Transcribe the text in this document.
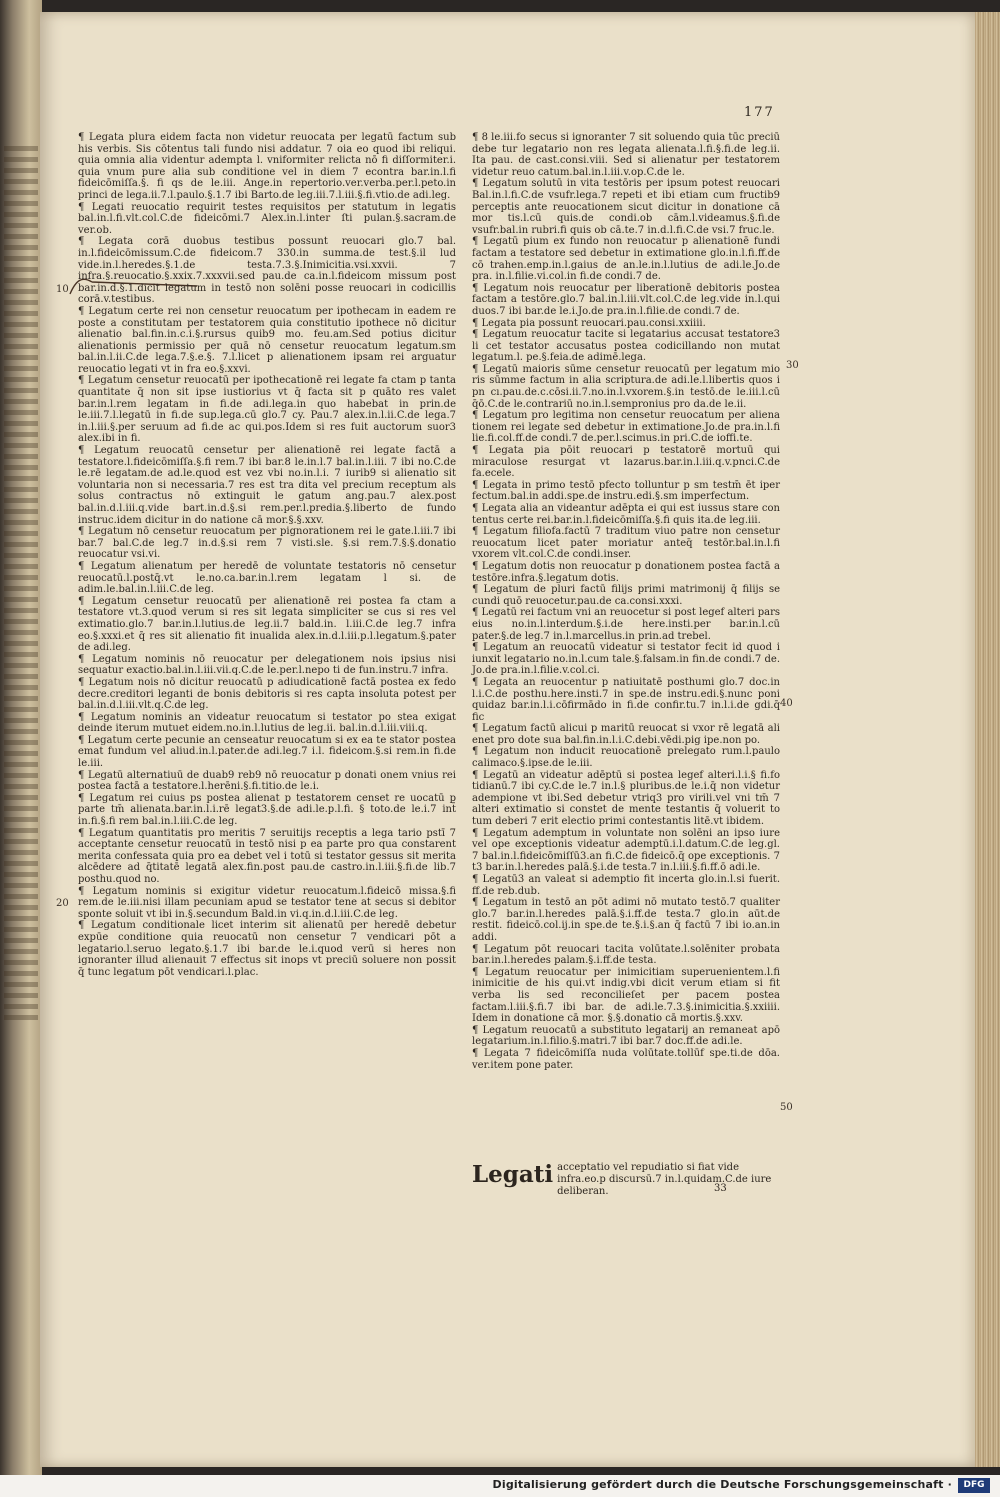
177
10
20
30
40
50

¶ Legata plura eidem facta non videtur reuocata per legatū factum sub his verbis. Sis cōtentus tali fundo nisi addatur. 7 oia eo quod ibi reliqui. quia omnia alia videntur adempta l. vniformiter relicta nō fi diſſormiter.i. quia vnum pure alia sub conditione vel in diem 7 econtra bar.in.l.fi fideicōmiſſa.§. fi qs de le.iii. Ange.in repertorio.ver.verba.per.l.peto.in princi de lega.ii.7.l.paulo.§.1.7 ibi Barto.de leg.iii.7.l.iii.§.fi.vtio.de adi.leg.

¶ Legati reuocatio requirit testes requisitos per statutum in legatis bal.in.l.fi.vlt.col.C.de fideicōmi.7 Alex.in.l.inter ſti pulan.§.sacram.de ver.ob.

¶ Legata corā duobus testibus possunt reuocari glo.7 bal. in.l.fideicōmissum.C.de fideicom.7 330.in summa.de test.§.il lud vide.in.l.heredes.§.1.de testa.7.3.§.Inimicitia.vsi.xxvii. 7 infra.§.reuocatio.§.xxix.7.xxxvii.sed pau.de ca.in.l.fideicom missum post bar.in.d.§.1.dicit legatum in testō non solēni posse reuocari in codicillis corā.v.testibus.

¶ Legatum certe rei non censetur reuocatum per ipothecam in eadem re poste a constitutam per testatorem quia constitutio ipothece nō dicitur alienatio bal.fin.in.c.i.§.rursus quib9 mo. feu.am.Sed potius dicitur alienationis permissio per quā nō censetur reuocatum legatum.sm bal.in.l.ii.C.de lega.7.§.e.§. 7.l.licet p alienationem ipsam rei arguatur reuocatio legati vt in fra eo.§.xxvi.

¶ Legatum censetur reuocatū per ipothecationē rei legate fa ctam p tanta quantitate q̄ non sit ipse iustiorius vt q̄ facta sit p quāto res valet bar.in.l.rem legatam in fi.de adi.lega.in quo habebat in prin.de le.iii.7.l.legatū in fi.de sup.lega.cū glo.7 cy. Pau.7 alex.in.l.ii.C.de lega.7 in.l.iii.§.per seruum ad fi.de ac qui.pos.Idem si res fuit auctorum suor3 alex.ibi in fi.

¶ Legatum reuocatū censetur per alienationē rei legate factā a testatore.l.fideicōmiſſa.§.fi rem.7 ibi bar.8 le.in.l.7 bal.in.l.iii. 7 ibi no.C.de le.rē legatam.de ad.le.quod est vez vbi no.in.l.i. 7 iurib9 si alienatio sit voluntaria non si necessaria.7 res est tra dita vel precium receptum als solus contractus nō extinguit le gatum ang.pau.7 alex.post bal.in.d.l.iii.q.vide bart.in.d.§.si rem.per.l.predia.§.liberto de fundo instruc.idem dicitur in do natione cā mor.§.§.xxv.

¶ Legatum nō censetur reuocatum per pignorationem rei le gate.l.iii.7 ibi bar.7 bal.C.de leg.7 in.d.§.si rem 7 visti.sle. §.si rem.7.§.§.donatio reuocatur vsi.vi.

¶ Legatum alienatum per heredē de voluntate testatoris nō censetur reuocatū.l.postq̄.vt le.no.ca.bar.in.l.rem legatam l si. de adim.le.bal.in.l.iii.C.de leg.

¶ Legatum censetur reuocatū per alienationē rei postea fa ctam a testatore vt.3.quod verum si res sit legata simpliciter se cus si res vel extimatio.glo.7 bar.in.l.lutius.de leg.ii.7 bald.in. l.iii.C.de leg.7 infra eo.§.xxxi.et q̄ res sit alienatio fit inualida alex.in.d.l.iii.p.l.legatum.§.pater de adi.leg.

¶ Legatum nominis nō reuocatur per delegationem nois ipsius nisi sequatur exactio.bal.in.l.iii.vii.q.C.de le.per.l.nepo ti de fun.instru.7 infra.

¶ Legatum nois nō dicitur reuocatū p adiudicationē factā postea ex fedo decre.creditori leganti de bonis debitoris si res capta insoluta potest per bal.in.d.l.iii.vlt.q.C.de leg.

¶ Legatum nominis an videatur reuocatum si testator po stea exigat deinde iterum mutuet eidem.no.in.l.lutius de leg.ii. bal.in.d.l.iii.viii.q.

¶ Legatum certe pecunie an censeatur reuocatum si ex ea te stator postea emat fundum vel aliud.in.l.pater.de adi.leg.7 i.l. fideicom.§.si rem.in fi.de le.iii.

¶ Legatū alternatiuū de duab9 reb9 nō reuocatur p donati onem vnius rei postea factā a testatore.l.herēni.§.fi.titio.de le.i.

¶ Legatum rei cuius ps postea alienat p testatorem censet re uocatū p parte tm̄ alienata.bar.in.l.i.rē legat3.§.de adi.le.p.l.fi. § toto.de le.i.7 int̄ in.fi.§.fi rem bal.in.l.iii.C.de leg.

¶ Legatum quantitatis pro meritis 7 seruitijs receptis a lega tario pstī 7 acceptante censetur reuocatū in testō nisi p ea parte pro qua constarent merita confessata quia pro ea debet vel i totū si testator gessus sit merita alcēdere ad q̄titatē legatā alex.fin.post pau.de castro.in.l.iii.§.fi.de lib.7 posthu.quod no.

¶ Legatum nominis si exigitur videtur reuocatum.l.fideicō missa.§.fi rem.de le.iii.nisi illam pecuniam apud se testator tene at secus si debitor sponte soluit vt ibi in.§.secundum Bald.in vi.q.in.d.l.iii.C.de leg.

¶ Legatum conditionale licet interim sit alienatū per heredē debetur expūe conditione quia reuocatū non censetur 7 vendicari pōt a legatario.l.seruo legato.§.1.7 ibi bar.de le.i.quod verū si heres non ignoranter illud alienauit 7 effectus sit inops vt preciū soluere non possit q̄ tunc legatum pōt vendicari.l.plac.

¶ 8 le.iii.fo secus si ignoranter 7 sit soluendo quia tūc preciū debe tur legatario non res legata alienata.l.fi.§.fi.de leg.ii. Ita pau. de cast.consi.viii. Sed si alienatur per testatorem videtur reuo catum.bal.in.l.iii.v.op.C.de le.

¶ Legatum solutū in vita testōris per ipsum potest reuocari Bal.in.l.fi.C.de vsufr.lega.7 repeti et ibi etiam cum fructib9 perceptis ante reuocationem sicut dicitur in donatione cā mor tis.l.cū quis.de condi.ob cām.l.videamus.§.fi.de vsufr.bal.in rubri.fi quis ob cā.te.7 in.d.l.fi.C.de vsi.7 fruc.le.

¶ Legatū pium ex fundo non reuocatur p alienationē fundi factam a testatore sed debetur in extimatione glo.in.l.fi.ff.de cō trahen.emp.in.l.gaius de an.le.in.l.lutius de adi.le.Jo.de pra. in.l.filie.vi.col.in fi.de condi.7 de.

¶ Legatum nois reuocatur per liberationē debitoris postea factam a testōre.glo.7 bal.in.l.iii.vlt.col.C.de leg.vide in.l.qui duos.7 ibi bar.de le.i.Jo.de pra.in.l.filie.de condi.7 de.

¶ Legata pia possunt reuocari.pau.consi.xxiiii.

¶ Legatum reuocatur tacite si legatarius accusat testatore3 li cet testator accusatus postea codicillando non mutat legatum.l. pe.§.feia.de adimē.lega.

¶ Legatū maioris sūme censetur reuocatū per legatum mio ris sūmme factum in alia scriptura.de adi.le.l.libertis quos i pn cı.pau.de.c.cōsi.ii.7.no.in.l.vxorem.§.in testō.de le.iii.l.cū q̄ō.C.de le.contrariū no.in.l.sempronius pro da.de le.ii.

¶ Legatum pro legitima non censetur reuocatum per aliena tionem rei legate sed debetur in extimatione.Jo.de pra.in.l.fi lie.fi.col.ff.de condi.7 de.per.l.scimus.in pri.C.de ioffi.te.

¶ Legata pia pōit reuocari p testatorē mortuū qui miraculose resurgat vt lazarus.bar.in.l.iii.q.v.pnci.C.de fa.ecele.

¶ Legata in primo testō pfecto tolluntur p sm testm̄ ēt iper fectum.bal.in addi.spe.de instru.edi.§.sm imperfectum.

¶ Legata alia an videantur adēpta ei qui est iussus stare con tentus certe rei.bar.in.l.fideicōmiſſa.§.fi quis ita.de leg.iii.

¶ Legatum filiofa.factū 7 traditum viuo patre non censetur reuocatum licet pater moriatur anteq̄ testōr.bal.in.l.fi vxorem vlt.col.C.de condi.inser.

¶ Legatum dotis non reuocatur p donationem postea factā a testōre.infra.§.legatum dotis.

¶ Legatum de pluri factū filijs primi matrimonij q̄ filijs se cundi quō reuocetur.pau.de ca.consi.xxxi.

¶ Legatū rei factum vni an reuocetur si post legef alteri pars eius no.in.l.interdum.§.i.de here.insti.per bar.in.l.cū pater.§.de leg.7 in.l.marcellus.in prin.ad trebel.

¶ Legatum an reuocatū videatur si testator fecit id quod i iunxit legatario no.in.l.cum tale.§.falsam.in fin.de condi.7 de. Jo.de pra.in.l.filie.v.col.ci.

¶ Legata an reuocentur p natiuitatē posthumi glo.7 doc.in l.i.C.de posthu.here.insti.7 in spe.de instru.edi.§.nunc poni quidaz bar.in.l.i.cōfirmādo in fi.de confir.tu.7 in.l.i.de gdi.q̄ fic

¶ Legatum factū alicui p maritū reuocat si vxor rē legatā ali enet pro dote sua bal.fin.in.l.i.C.debi.vēdi.pig ipe.non po.

¶ Legatum non inducit reuocationē prelegato rum.l.paulo calimaco.§.ipse.de le.iii.

¶ Legatū an videatur adēptū si postea legef alteri.l.i.§ fi.fo tidianū.7 ibi cy.C.de le.7 in.l.§ pluribus.de le.i.q̄ non videtur adempione vt ibi.Sed debetur vtriq3 pro virili.vel vni tm̄ 7 alteri extimatio si constet de mente testantis q̄ voluerit to tum deberi 7 erit electio primi contestantis litē.vt ibidem.

¶ Legatum ademptum in voluntate non solēni an ipso iure vel ope exceptionis videatur ademptū.i.l.datum.C.de leg.gl. 7 bal.in.l.fideicōmiſſū3.an fi.C.de fideicō.q̄ ope exceptionis. 7 t3 bar.in.l.heredes palā.§.i.de testa.7 in.l.iii.§.fi.ff.ō adi.le.

¶ Legatū3 an valeat si ademptio fit incerta glo.in.l.si fuerit. ff.de reb.dub.

¶ Legatum in testō an pōt adimi nō mutato testō.7 qualiter glo.7 bar.in.l.heredes palā.§.i.ff.de testa.7 glo.in aūt.de restit. fideicō.col.ij.in spe.de te.§.i.§.an q̄ factū 7 ibi io.an.in addi.

¶ Legatum pōt reuocari tacita volūtate.l.solēniter probata bar.in.l.heredes palam.§.i.ff.de testa.

¶ Legatum reuocatur per inimicitiam superuenientem.l.fi inimicitie de his qui.vt indig.vbi dicit verum etiam si fit verba lis sed reconcilieſet per pacem postea factam.l.iii.§.fi.7 ibi bar. de adi.le.7.3.§.inimicitia.§.xxiiii. Idem in donatione cā mor. §.§.donatio cā mortis.§.xxv.

¶ Legatum reuocatū a substituto legatarij an remaneat apō legatarium.in.l.filio.§.matri.7 ibi bar.7 doc.ff.de adi.le.

¶ Legata 7 fideicōmiſſa nuda volūtate.tollūf spe.ti.de dōa. ver.item pone pater.

Legati acceptatio vel repudiatio si fiat vide infra.eo.p discursū.7 in.l.quidam.C.de iure deliberan.	33
Digitalisierung gefördert durch die Deutsche Forschungsgemeinschaft ·	DFG
